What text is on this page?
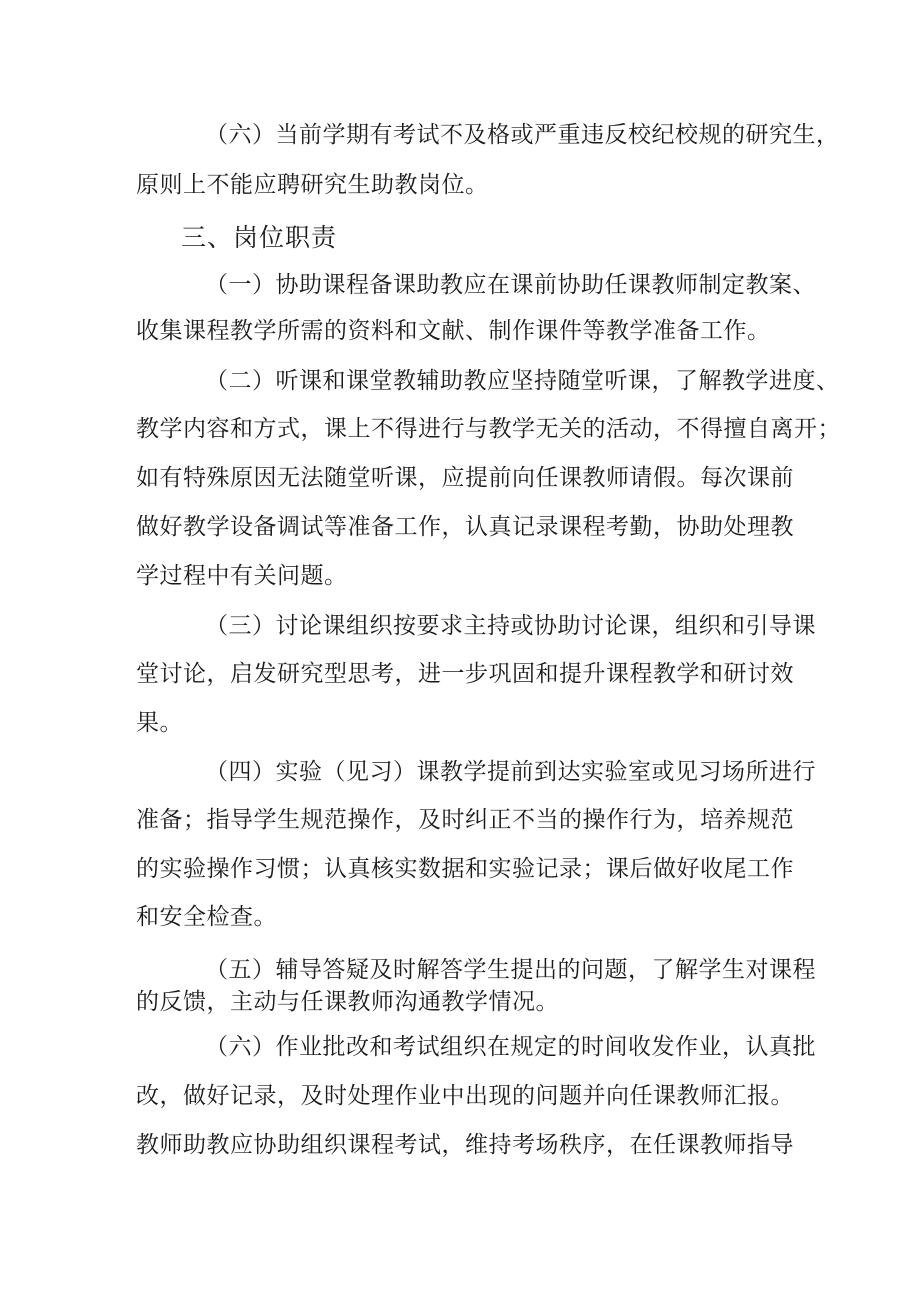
（六）当前学期有考试不及格或严重违反校纪校规的研究生，
原则上不能应聘研究生助教岗位。
三、岗位职责
（一）协助课程备课助教应在课前协助任课教师制定教案、
收集课程教学所需的资料和文献、制作课件等教学准备工作。
（二）听课和课堂教辅助教应坚持随堂听课，了解教学进度、
教学内容和方式，课上不得进行与教学无关的活动，不得擅自离开；
如有特殊原因无法随堂听课，应提前向任课教师请假。每次课前
做好教学设备调试等准备工作，认真记录课程考勤，协助处理教
学过程中有关问题。
（三）讨论课组织按要求主持或协助讨论课，组织和引导课
堂讨论，启发研究型思考，进一步巩固和提升课程教学和研讨效
果。
（四）实验（见习）课教学提前到达实验室或见习场所进行
准备；指导学生规范操作，及时纠正不当的操作行为，培养规范
的实验操作习惯；认真核实数据和实验记录；课后做好收尾工作
和安全检查。
（五）辅导答疑及时解答学生提出的问题，了解学生对课程
的反馈，主动与任课教师沟通教学情况。
（六）作业批改和考试组织在规定的时间收发作业，认真批
改，做好记录，及时处理作业中出现的问题并向任课教师汇报。
教师助教应协助组织课程考试，维持考场秩序，在任课教师指导
